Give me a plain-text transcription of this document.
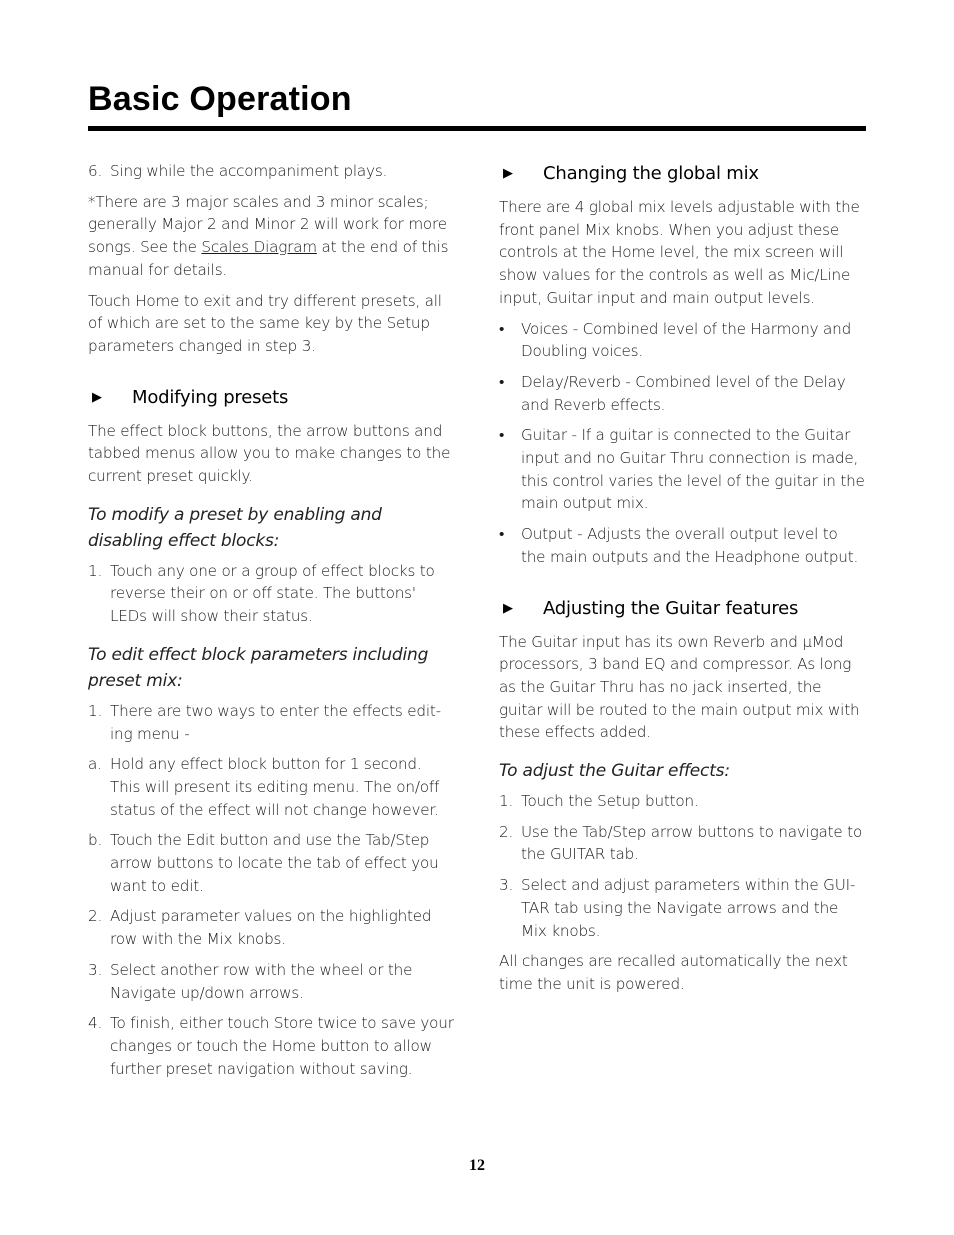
Basic Operation
6. Sing while the accompaniment plays.

*There are 3 major scales and 3 minor scales; generally Major 2 and Minor 2 will work for more songs. See the Scales Diagram at the end of this manual for details.

Touch Home to exit and try different presets, all of which are set to the same key by the Setup parameters changed in step 3.

▶	Modifying presets

The effect block buttons, the arrow buttons and tabbed menus allow you to make changes to the current preset quickly.

To modify a preset by enabling and disabling effect blocks:
1. Touch any one or a group of effect blocks to reverse their on or off state. The buttons' LEDs will show their status.
To edit effect block parameters including preset mix:
1. There are two ways to enter the effects edit-ing menu -
a. Hold any effect block button for 1 second. This will present its editing menu. The on/off status of the effect will not change however.
b. Touch the Edit button and use the Tab/Step arrow buttons to locate the tab of effect you want to edit.
2. Adjust parameter values on the highlighted row with the Mix knobs.
3. Select another row with the wheel or the Navigate up/down arrows.
4. To finish, either touch Store twice to save your changes or touch the Home button to allow further preset navigation without saving.
▶	Changing the global mix

There are 4 global mix levels adjustable with the front panel Mix knobs. When you adjust these controls at the Home level, the mix screen will show values for the controls as well as Mic/Line input, Guitar input and main output levels.

• Voices - Combined level of the Harmony and Doubling voices.
• Delay/Reverb - Combined level of the Delay and Reverb effects.
• Guitar - If a guitar is connected to the Guitar input and no Guitar Thru connection is made, this control varies the level of the guitar in the main output mix.
• Output - Adjusts the overall output level to the main outputs and the Headphone output.
▶	Adjusting the Guitar features

The Guitar input has its own Reverb and µMod processors, 3 band EQ and compressor. As long as the Guitar Thru has no jack inserted, the guitar will be routed to the main output mix with these effects added.

To adjust the Guitar effects:
1. Touch the Setup button.
2. Use the Tab/Step arrow buttons to navigate to the GUITAR tab.
3. Select and adjust parameters within the GUI-TAR tab using the Navigate arrows and the Mix knobs.

All changes are recalled automatically the next time the unit is powered.

12
